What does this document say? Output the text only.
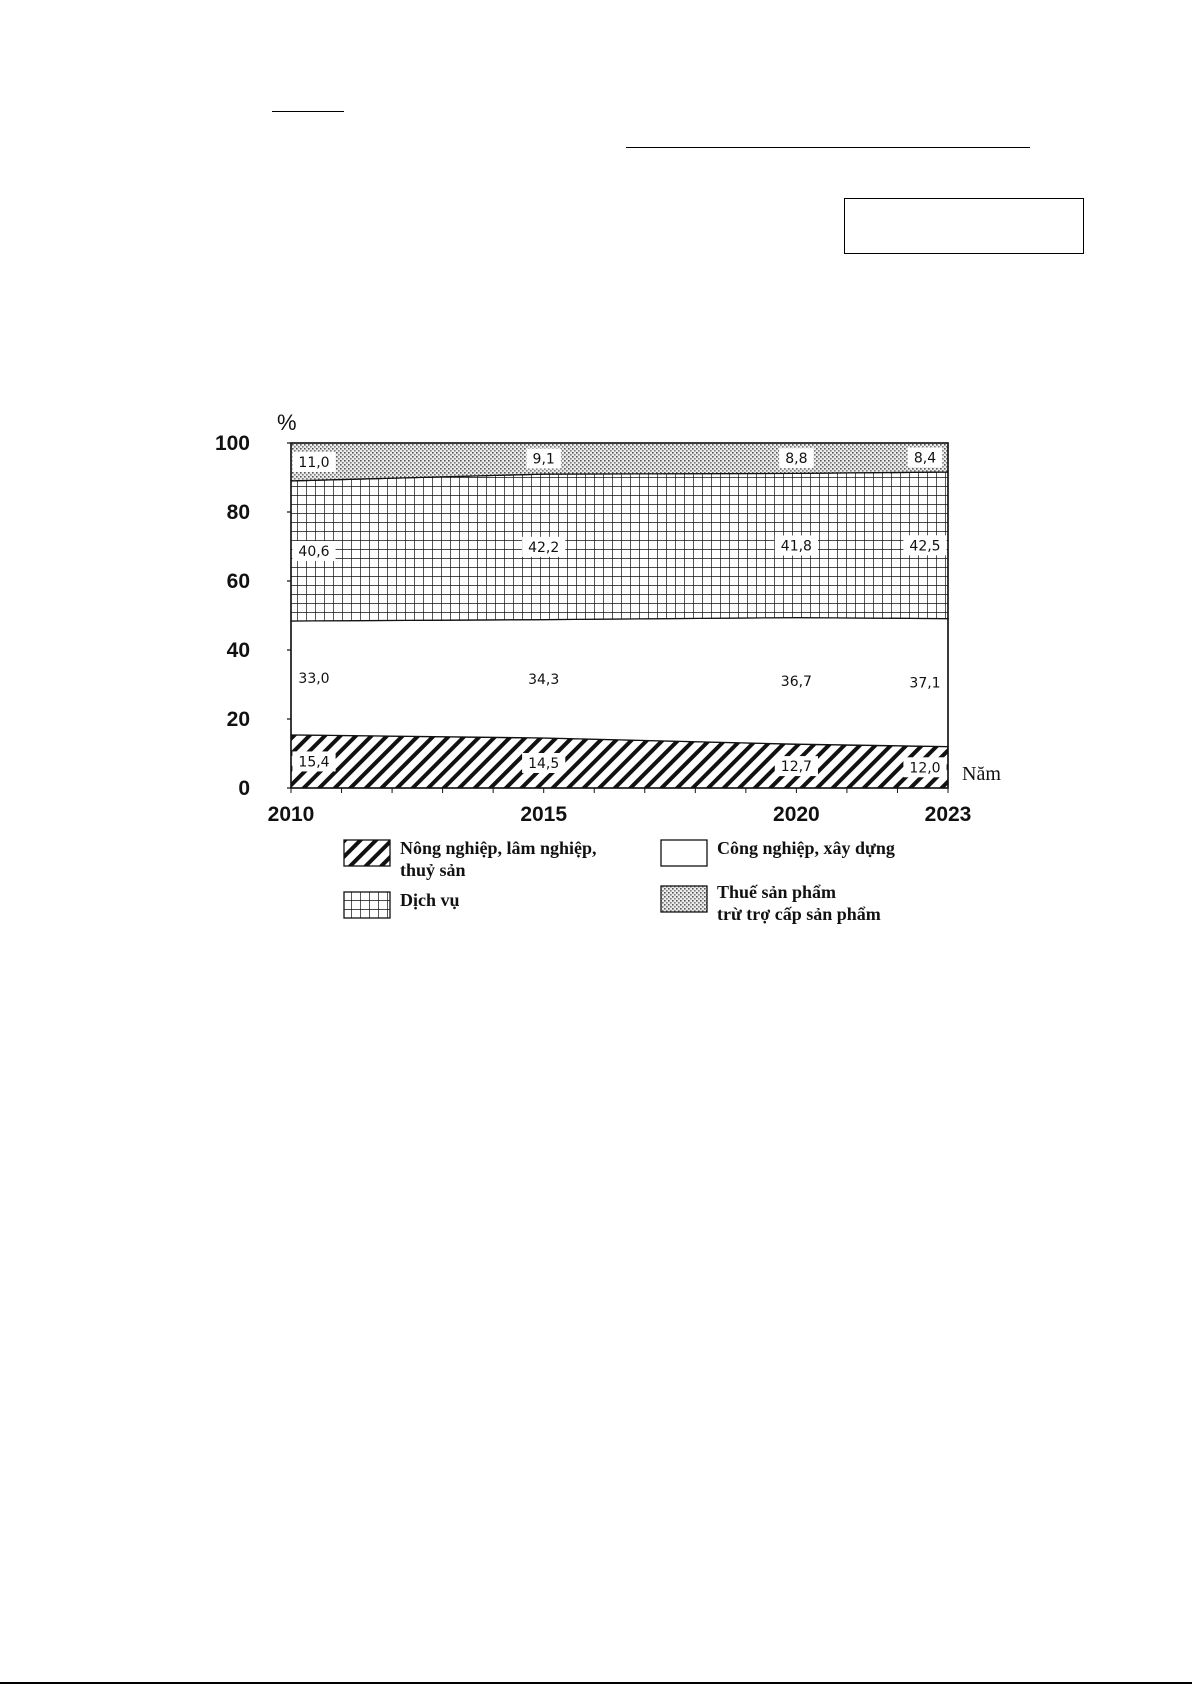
0
20
40
60
80
100
%
2010	2015	2020	2023
Năm
15,4	14,5	12,7	12,0
33,0	34,3	36,7	37,1
40,6	42,2	41,8	42,5
11,0	9,1	8,8	8,4
Nông nghiệp, lâm nghiệp,
thuỷ sản
Công nghiệp, xây dựng
Dịch vụ	Thuế sản phẩm
trừ trợ cấp sản phẩm
